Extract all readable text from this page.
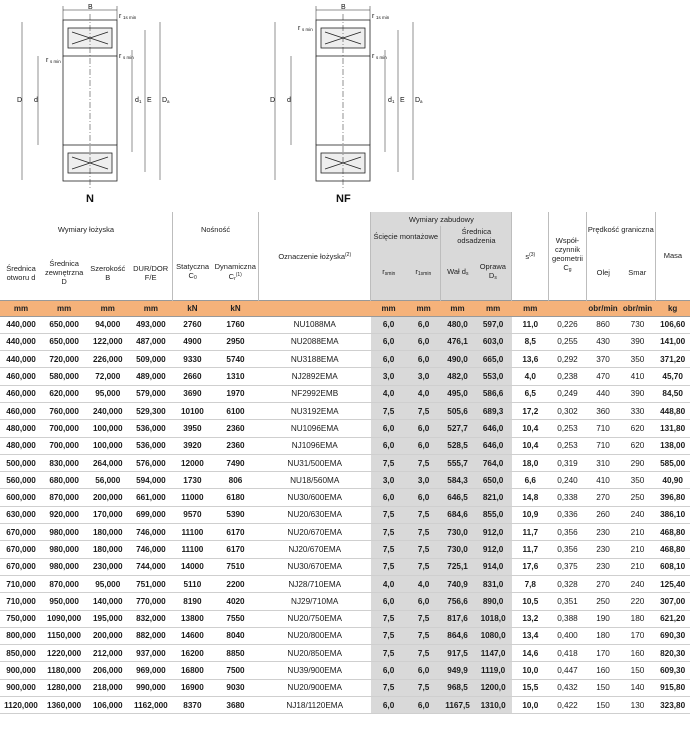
B
r 1s min
r s min
r s min
D d	d 1 E D a
N
B
r 1s min
r s min
r s min
D d	d 1 E D a
NF
Wymiary łożyska				Nośność		Oznaczenie łożyska$^{(2)}$	Wymiary zabudowy				$s^{(3)}$	Współ-czynnik geometrii $C_g$	Prędkość graniczna		Masa
							Ścięcie montażowe		Średnica odsadzenia						
Średnica otworu d	Średnica zewnętrzna D	Szerokość B	DUR/DOR F/E	Statyczna $C_0$	Dynamiczna $C_r^{(1)}$		$r_{smin}$	$r_{1smin}$	Wał $d_s$	Oprawa $D_s$			Olej	Smar	
mm	mm	mm	mm	kN	kN		mm	mm	mm	mm	mm		obr/min	obr/min	kg
440,000	650,000	94,000	493,000	2760	1760	NU1088MA	6,0	6,0	480,0	597,0	11,0	0,226	860	730	106,60
440,000	650,000	122,000	487,000	4900	2950	NU2088EMA	6,0	6,0	476,1	603,0	8,5	0,255	430	390	141,00
440,000	720,000	226,000	509,000	9330	5740	NU3188EMA	6,0	6,0	490,0	665,0	13,6	0,292	370	350	371,20
460,000	580,000	72,000	489,000	2660	1310	NJ2892EMA	3,0	3,0	482,0	553,0	4,0	0,238	470	410	45,70
460,000	620,000	95,000	579,000	3690	1970	NF2992EMB	4,0	4,0	495,0	586,6	6,5	0,249	440	390	84,50
460,000	760,000	240,000	529,300	10100	6100	NU3192EMA	7,5	7,5	505,6	689,3	17,2	0,302	360	330	448,80
480,000	700,000	100,000	536,000	3950	2360	NU1096EMA	6,0	6,0	527,7	646,0	10,4	0,253	710	620	131,80
480,000	700,000	100,000	536,000	3920	2360	NJ1096EMA	6,0	6,0	528,5	646,0	10,4	0,253	710	620	138,00
500,000	830,000	264,000	576,000	12000	7490	NU31/500EMA	7,5	7,5	555,7	764,0	18,0	0,319	310	290	585,00
560,000	680,000	56,000	594,000	1730	806	NU18/560MA	3,0	3,0	584,3	650,0	6,6	0,240	410	350	40,90
600,000	870,000	200,000	661,000	11000	6180	NU30/600EMA	6,0	6,0	646,5	821,0	14,8	0,338	270	250	396,80
630,000	920,000	170,000	699,000	9570	5390	NU20/630EMA	7,5	7,5	684,6	855,0	10,9	0,336	260	240	386,10
670,000	980,000	180,000	746,000	11100	6170	NU20/670EMA	7,5	7,5	730,0	912,0	11,7	0,356	230	210	468,80
670,000	980,000	180,000	746,000	11100	6170	NJ20/670EMA	7,5	7,5	730,0	912,0	11,7	0,356	230	210	468,80
670,000	980,000	230,000	744,000	14000	7510	NU30/670EMA	7,5	7,5	725,1	914,0	17,6	0,375	230	210	608,10
710,000	870,000	95,000	751,000	5110	2200	NJ28/710EMA	4,0	4,0	740,9	831,0	7,8	0,328	270	240	125,40
710,000	950,000	140,000	770,000	8190	4020	NJ29/710MA	6,0	6,0	756,6	890,0	10,5	0,351	250	220	307,00
750,000	1090,000	195,000	832,000	13800	7550	NU20/750EMA	7,5	7,5	817,6	1018,0	13,2	0,388	190	180	621,20
800,000	1150,000	200,000	882,000	14600	8040	NU20/800EMA	7,5	7,5	864,6	1080,0	13,4	0,400	180	170	690,30
850,000	1220,000	212,000	937,000	16200	8850	NU20/850EMA	7,5	7,5	917,5	1147,0	14,6	0,418	170	160	820,30
900,000	1180,000	206,000	969,000	16800	7500	NU39/900EMA	6,0	6,0	949,9	1119,0	10,0	0,447	160	150	609,30
900,000	1280,000	218,000	990,000	16900	9030	NU20/900EMA	7,5	7,5	968,5	1200,0	15,5	0,432	150	140	915,80
1120,000	1360,000	106,000	1162,000	8370	3680	NJ18/1120EMA	6,0	6,0	1167,5	1310,0	10,0	0,422	150	130	323,80
